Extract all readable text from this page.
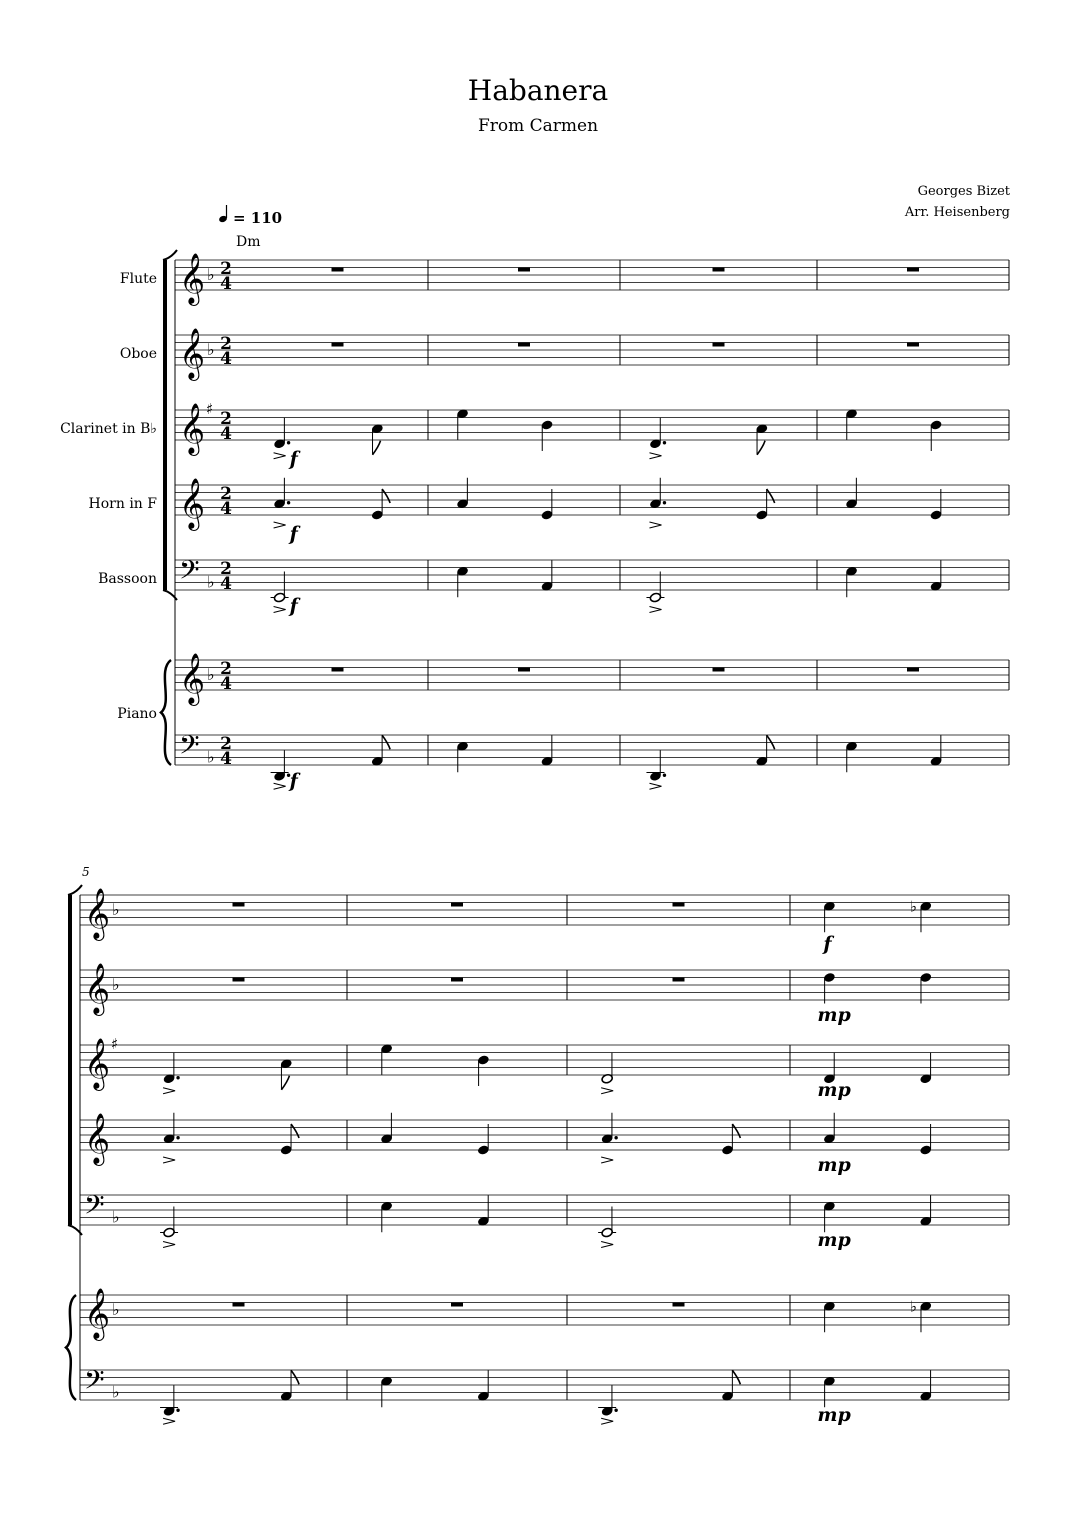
Habanera
From Carmen
Georges Bizet
Arr. Heisenberg
= 110
Dm
Flute
Oboe
Clarinet in B♭
Horn in F
Bassoon
Piano
5
𝄞 ♭ 2
4
𝄞 ♭ 2
4
𝄞 ♯ 2
4
𝄞 2
4
𝄢 ♭
2
4
𝄞 ♭ 2
4
𝄢 ♭
2
4
f
f
f
f
𝄞 ♭
𝄞 ♭
𝄞 ♯
𝄞
𝄢 ♭
𝄞 ♭
𝄢 ♭
♭
f
mp
♭
mp
mp
mp
mp
